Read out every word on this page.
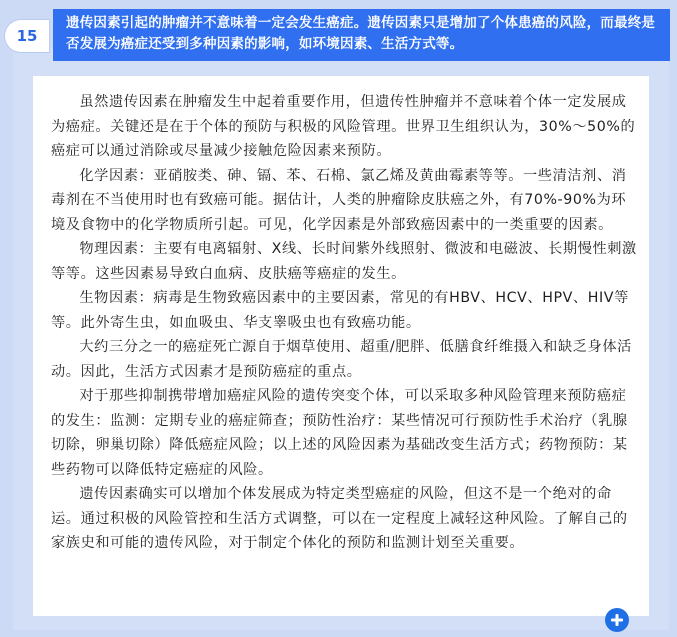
15
遗传因素引起的肿瘤并不意味着一定会发生癌症。遗传因素只是增加了个体患癌的风险，而最终是否发展为癌症还受到多种因素的影响，如环境因素、生活方式等。

虽然遗传因素在肿瘤发生中起着重要作用，但遗传性肿瘤并不意味着个体一定发展成为癌症。关键还是在于个体的预防与积极的风险管理。世界卫生组织认为，30%～50%的癌症可以通过消除或尽量减少接触危险因素来预防。

化学因素：亚硝胺类、砷、镉、苯、石棉、氯乙烯及黄曲霉素等等。一些清洁剂、消毒剂在不当使用时也有致癌可能。据估计，人类的肿瘤除皮肤癌之外，有70%-90%为环境及食物中的化学物质所引起。可见，化学因素是外部致癌因素中的一类重要的因素。

物理因素：主要有电离辐射、X线、长时间紫外线照射、微波和电磁波、长期慢性刺激等等。这些因素易导致白血病、皮肤癌等癌症的发生。

生物因素：病毒是生物致癌因素中的主要因素，常见的有HBV、HCV、HPV、HIV等等。此外寄生虫，如血吸虫、华支睾吸虫也有致癌功能。

大约三分之一的癌症死亡源自于烟草使用、超重/肥胖、低膳食纤维摄入和缺乏身体活动。因此，生活方式因素才是预防癌症的重点。

对于那些抑制携带增加癌症风险的遗传突变个体，可以采取多种风险管理来预防癌症的发生：监测：定期专业的癌症筛查；预防性治疗：某些情况可行预防性手术治疗（乳腺切除，卵巢切除）降低癌症风险；以上述的风险因素为基础改变生活方式；药物预防：某些药物可以降低特定癌症的风险。

遗传因素确实可以增加个体发展成为特定类型癌症的风险，但这不是一个绝对的命运。通过积极的风险管控和生活方式调整，可以在一定程度上减轻这种风险。了解自己的家族史和可能的遗传风险，对于制定个体化的预防和监测计划至关重要。
